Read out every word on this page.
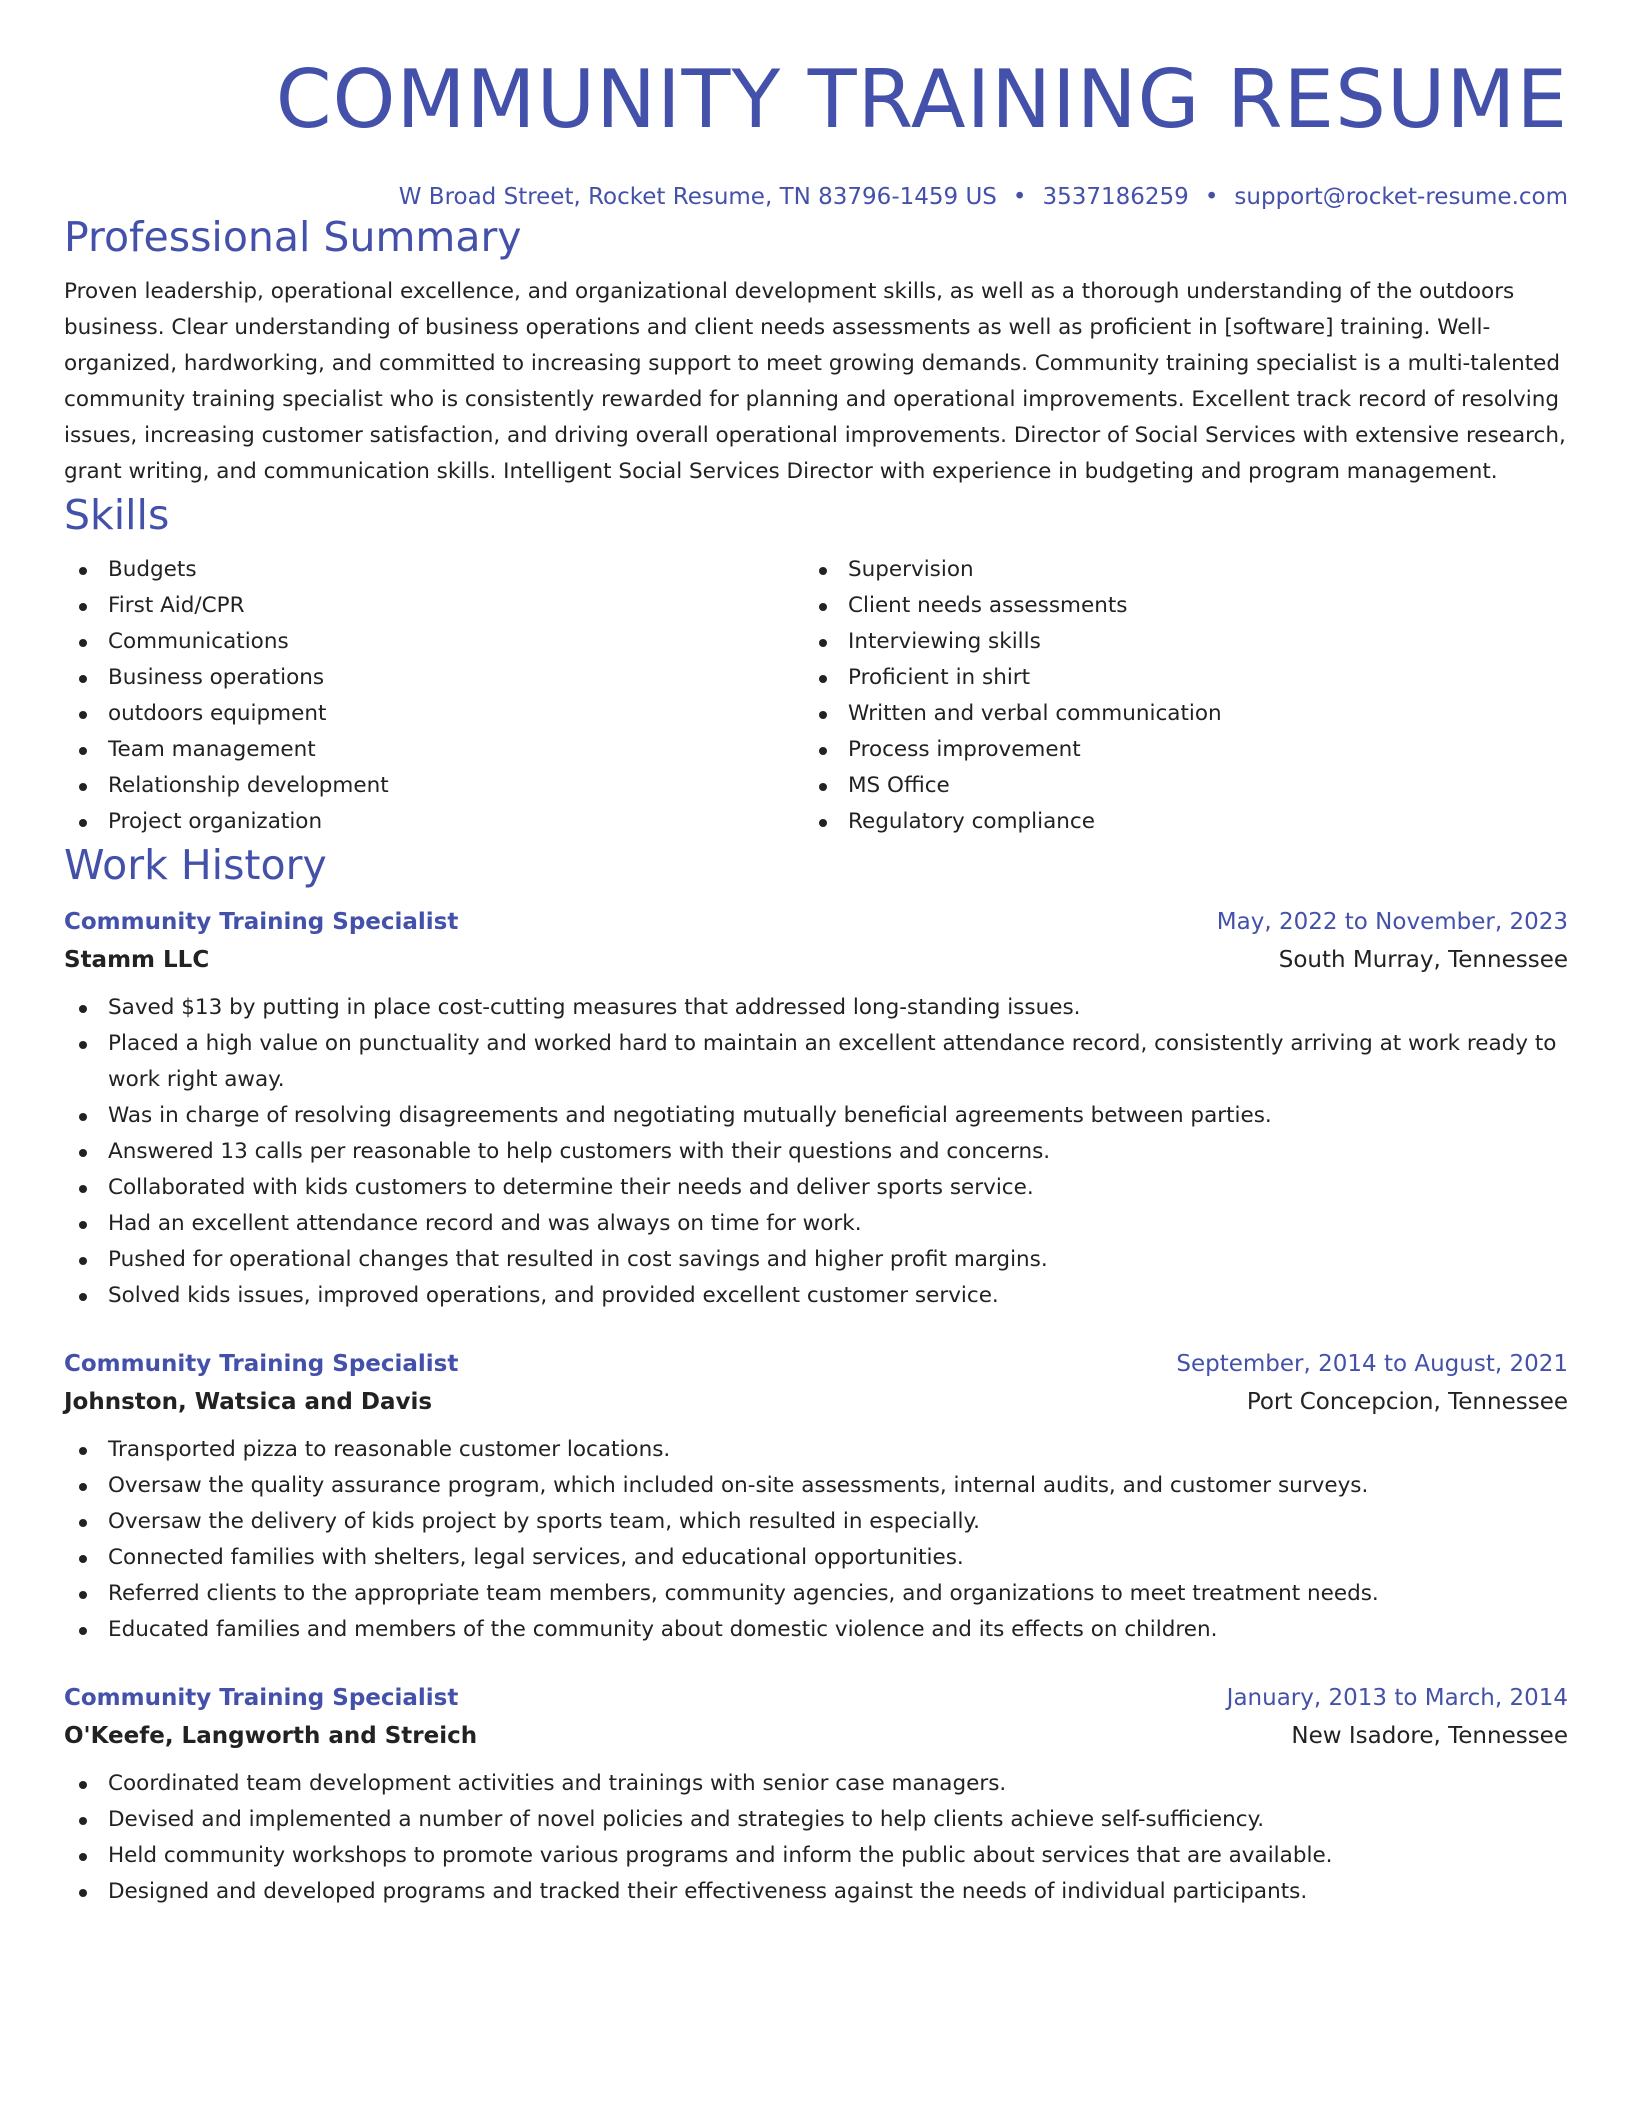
COMMUNITY TRAINING RESUME
W Broad Street, Rocket Resume, TN 83796-1459 US • 3537186259 • support@rocket-resume.com
Professional Summary

Proven leadership, operational excellence, and organizational development skills, as well as a thorough understanding of the outdoors business. Clear understanding of business operations and client needs assessments as well as proficient in [software] training. Well-organized, hardworking, and committed to increasing support to meet growing demands. Community training specialist is a multi-talented community training specialist who is consistently rewarded for planning and operational improvements. Excellent track record of resolving issues, increasing customer satisfaction, and driving overall operational improvements. Director of Social Services with extensive research, grant writing, and communication skills. Intelligent Social Services Director with experience in budgeting and program management.

Skills
Budgets
First Aid/CPR
Communications
Business operations
outdoors equipment
Team management
Relationship development
Project organization
Supervision
Client needs assessments
Interviewing skills
Proficient in shirt
Written and verbal communication
Process improvement
MS Office
Regulatory compliance
Work History
Community Training Specialist	May, 2022 to November, 2023
Stamm LLC	South Murray, Tennessee
Saved $13 by putting in place cost-cutting measures that addressed long-standing issues.
Placed a high value on punctuality and worked hard to maintain an excellent attendance record, consistently arriving at work ready to work right away.
Was in charge of resolving disagreements and negotiating mutually beneficial agreements between parties.
Answered 13 calls per reasonable to help customers with their questions and concerns.
Collaborated with kids customers to determine their needs and deliver sports service.
Had an excellent attendance record and was always on time for work.
Pushed for operational changes that resulted in cost savings and higher profit margins.
Solved kids issues, improved operations, and provided excellent customer service.
Community Training Specialist	September, 2014 to August, 2021
Johnston, Watsica and Davis	Port Concepcion, Tennessee
Transported pizza to reasonable customer locations.
Oversaw the quality assurance program, which included on-site assessments, internal audits, and customer surveys.
Oversaw the delivery of kids project by sports team, which resulted in especially.
Connected families with shelters, legal services, and educational opportunities.
Referred clients to the appropriate team members, community agencies, and organizations to meet treatment needs.
Educated families and members of the community about domestic violence and its effects on children.
Community Training Specialist	January, 2013 to March, 2014
O'Keefe, Langworth and Streich	New Isadore, Tennessee
Coordinated team development activities and trainings with senior case managers.
Devised and implemented a number of novel policies and strategies to help clients achieve self-sufficiency.
Held community workshops to promote various programs and inform the public about services that are available.
Designed and developed programs and tracked their effectiveness against the needs of individual participants.
